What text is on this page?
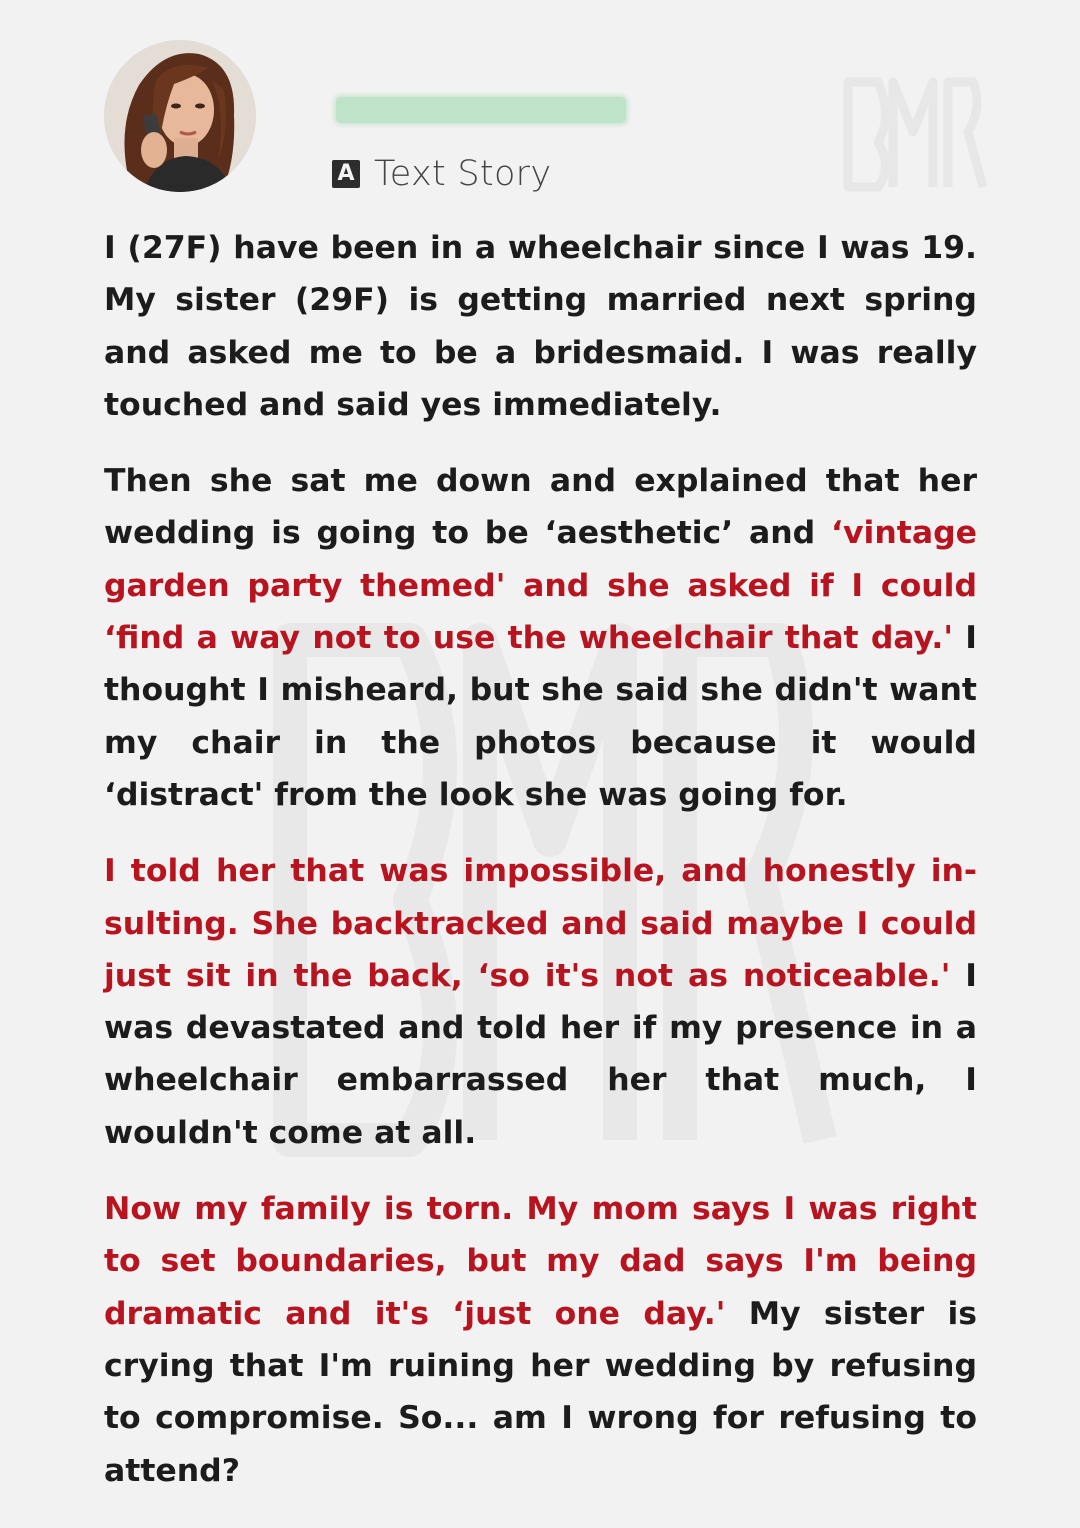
A Text Story

I (27F) have been in a wheelchair since I was 19. My sister (29F) is getting married next spring and asked me to be a bridesmaid. I was really touched and said yes immediately.

Then she sat me down and explained that her wedding is going to be ‘aesthetic’ and ‘vintage garden party themed' and she asked if I could ‘find a way not to use the wheelchair that day.' I thought I misheard, but she said she didn't want my chair in the photos because it would ‘distract' from the look she was going for.

I told her that was impossible, and honestly insulting. She backtracked and said maybe I could just sit in the back, ‘so it's not as noticeable.' I was devastated and told her if my presence in a wheelchair embarrassed her that much, I wouldn't come at all.

Now my family is torn. My mom says I was right to set boundaries, but my dad says I'm being dramatic and it's ‘just one day.' My sister is crying that I'm ruining her wedding by refusing to compromise. So... am I wrong for refusing to attend?
